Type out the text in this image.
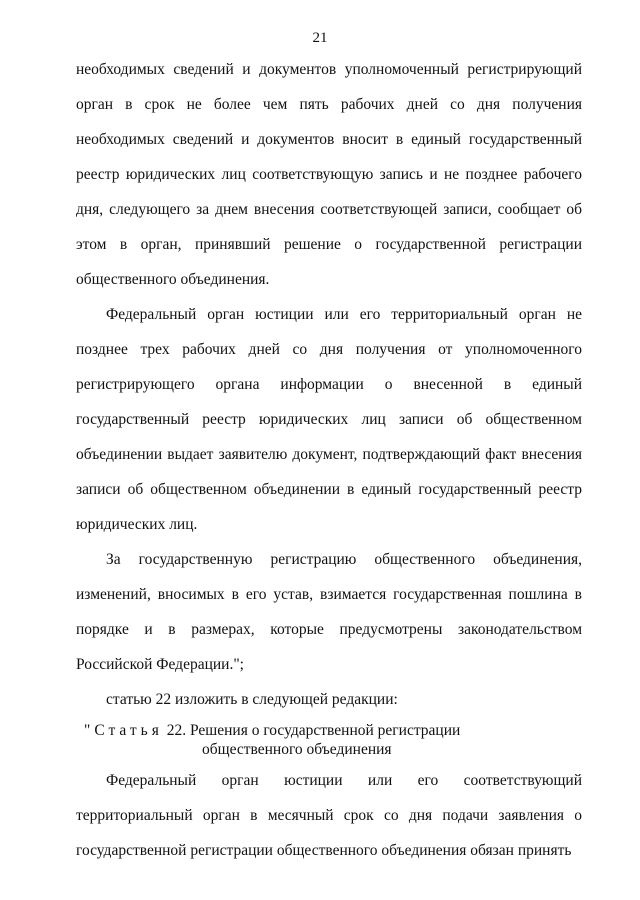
21

необходимых сведений и документов уполномоченный регистрирующий орган в срок не более чем пять рабочих дней со дня получения необходимых сведений и документов вносит в единый государственный реестр юридических лиц соответствующую запись и не позднее рабочего дня, следующего за днем внесения соответствующей записи, сообщает об этом в орган, принявший решение о государственной регистрации общественного объединения.

Федеральный орган юстиции или его территориальный орган не позднее трех рабочих дней со дня получения от уполномоченного регистрирующего органа информации о внесенной в единый государственный реестр юридических лиц записи об общественном объединении выдает заявителю документ, подтверждающий факт внесения записи об общественном объединении в единый государственный реестр юридических лиц.

За государственную регистрацию общественного объединения, изменений, вносимых в его устав, взимается государственная пошлина в порядке и в размерах, которые предусмотрены законодательством Российской Федерации.";

статью 22 изложить в следующей редакции:

"Статья 22. Решения о государственной регистрации
общественного объединения

Федеральный орган юстиции или его соответствующий территориальный орган в месячный срок со дня подачи заявления о государственной регистрации общественного объединения обязан принять
